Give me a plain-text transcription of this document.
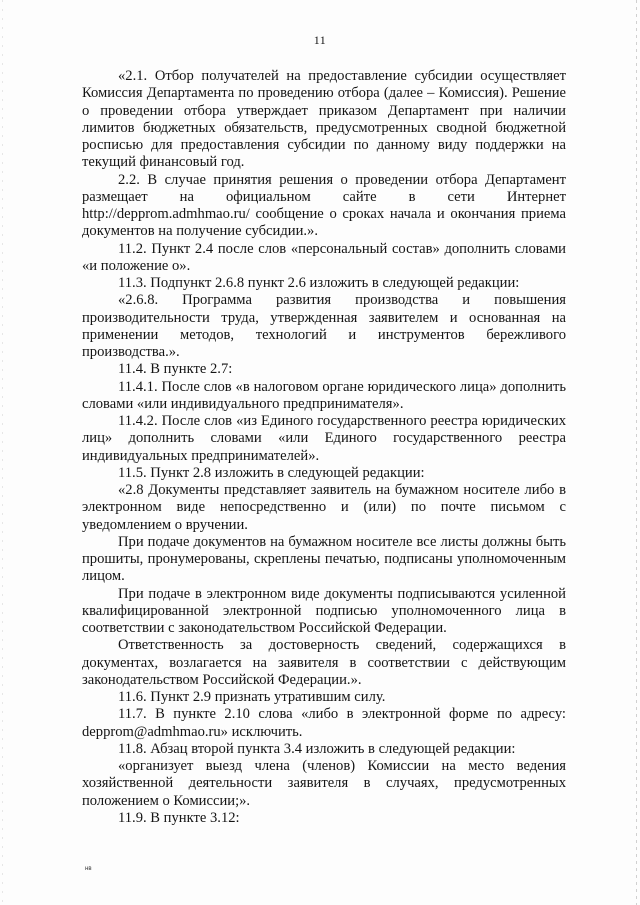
11

«2.1. Отбор получателей на предоставление субсидии осуществляет Комиссия Департамента по проведению отбора (далее – Комиссия). Решение о проведении отбора утверждает приказом Департамент при наличии лимитов бюджетных обязательств, предусмотренных сводной бюджетной росписью для предоставления субсидии по данному виду поддержки на текущий финансовый год.

2.2. В случае принятия решения о проведении отбора Департамент размещает на официальном сайте в сети Интернет http://depprom.admhmao.ru/ сообщение о сроках начала и окончания приема документов на получение субсидии.».

11.2. Пункт 2.4 после слов «персональный состав» дополнить словами «и положение о».

11.3. Подпункт 2.6.8 пункт 2.6 изложить в следующей редакции:

«2.6.8. Программа развития производства и повышения производительности труда, утвержденная заявителем и основанная на применении методов, технологий и инструментов бережливого производства.».

11.4. В пункте 2.7:

11.4.1. После слов «в налоговом органе юридического лица» дополнить словами «или индивидуального предпринимателя».

11.4.2. После слов «из Единого государственного реестра юридических лиц» дополнить словами «или Единого государственного реестра индивидуальных предпринимателей».

11.5. Пункт 2.8 изложить в следующей редакции:

«2.8 Документы представляет заявитель на бумажном носителе либо в электронном виде непосредственно и (или) по почте письмом с уведомлением о вручении.

При подаче документов на бумажном носителе все листы должны быть прошиты, пронумерованы, скреплены печатью, подписаны уполномоченным лицом.

При подаче в электронном виде документы подписываются усиленной квалифицированной электронной подписью уполномоченного лица в соответствии с законодательством Российской Федерации.

Ответственность за достоверность сведений, содержащихся в документах, возлагается на заявителя в соответствии с действующим законодательством Российской Федерации.».

11.6. Пункт 2.9 признать утратившим силу.

11.7. В пункте 2.10 слова «либо в электронной форме по адресу: depprom@admhmao.ru» исключить.

11.8. Абзац второй пункта 3.4 изложить в следующей редакции:

«организует выезд члена (членов) Комиссии на место ведения хозяйственной деятельности заявителя в случаях, предусмотренных положением о Комиссии;».

11.9. В пункте 3.12:

нв
